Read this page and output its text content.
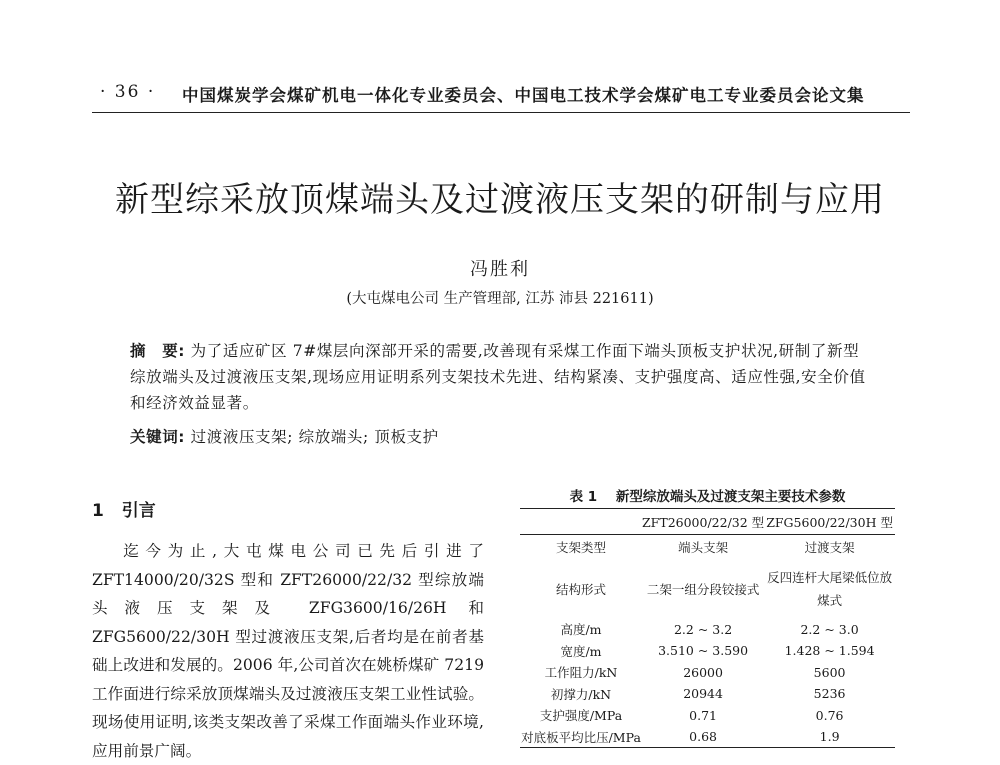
· 36 · 中国煤炭学会煤矿机电一体化专业委员会、中国电工技术学会煤矿电工专业委员会论文集
新型综采放顶煤端头及过渡液压支架的研制与应用
冯胜利
(大屯煤电公司 生产管理部, 江苏 沛县 221611)
摘　要: 为了适应矿区 7#煤层向深部开采的需要,改善现有采煤工作面下端头顶板支护状况,研制了新型综放端头及过渡液压支架,现场应用证明系列支架技术先进、结构紧凑、支护强度高、适应性强,安全价值和经济效益显著。
关键词: 过渡液压支架; 综放端头; 顶板支护
1 引言
迄今为止,大屯煤电公司已先后引进了 ZFT14000/20/32S 型和 ZFT26000/22/32 型综放端头液压支架及 ZFG3600/16/26H 和 ZFG5600/22/30H 型过渡液压支架,后者均是在前者基础上改进和发展的。2006 年,公司首次在姚桥煤矿 7219 工作面进行综采放顶煤端头及过渡液压支架工业性试验。现场使用证明,该类支架改善了采煤工作面端头作业环境,应用前景广阔。
表 1 新型综放端头及过渡支架主要技术参数
	ZFT26000/22/32 型	ZFG5600/22/30H 型
支架类型	端头支架	过渡支架
结构形式	二架一组分段铰接式	反四连杆大尾梁低位放煤式
高度/m	2.2 ~ 3.2	2.2 ~ 3.0
宽度/m	3.510 ~ 3.590	1.428 ~ 1.594
工作阻力/kN	26000	5600
初撑力/kN	20944	5236
支护强度/MPa	0.71	0.76
对底板平均比压/MPa	0.68	1.9
